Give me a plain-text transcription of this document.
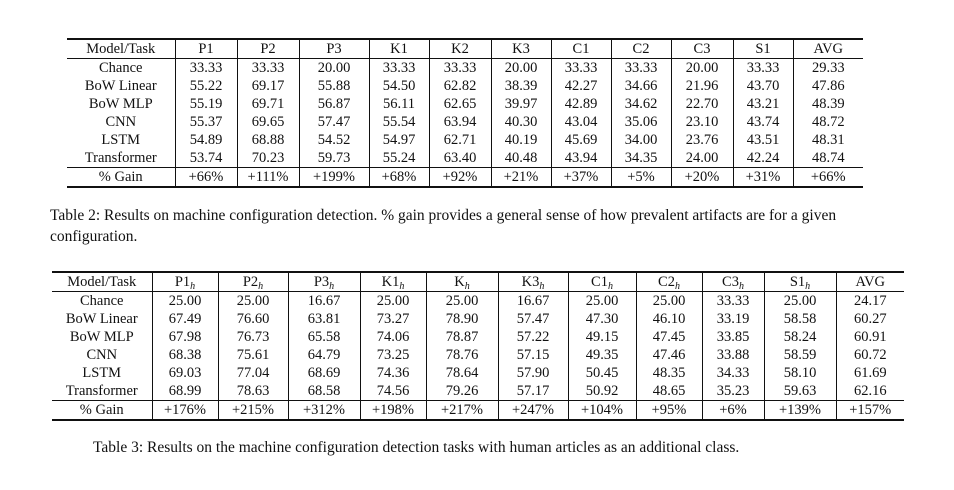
Model/Task	P1	P2	P3	K1	K2	K3	C1	C2	C3	S1	AVG
Chance	33.33	33.33	20.00	33.33	33.33	20.00	33.33	33.33	20.00	33.33	29.33
BoW Linear	55.22	69.17	55.88	54.50	62.82	38.39	42.27	34.66	21.96	43.70	47.86
BoW MLP	55.19	69.71	56.87	56.11	62.65	39.97	42.89	34.62	22.70	43.21	48.39
CNN	55.37	69.65	57.47	55.54	63.94	40.30	43.04	35.06	23.10	43.74	48.72
LSTM	54.89	68.88	54.52	54.97	62.71	40.19	45.69	34.00	23.76	43.51	48.31
Transformer	53.74	70.23	59.73	55.24	63.40	40.48	43.94	34.35	24.00	42.24	48.74
% Gain	+66%	+111%	+199%	+68%	+92%	+21%	+37%	+5%	+20%	+31%	+66%

Table 2: Results on machine configuration detection. % gain provides a general sense of how prevalent artifacts are for a given configuration.

Model/Task	$P1_h$	$P2_h$	$P3_h$	$K1_h$	$K_h$	$K3_h$	$C1_h$	$C2_h$	$C3_h$	$S1_h$	AVG
Chance	25.00	25.00	16.67	25.00	25.00	16.67	25.00	25.00	33.33	25.00	24.17
BoW Linear	67.49	76.60	63.81	73.27	78.90	57.47	47.30	46.10	33.19	58.58	60.27
BoW MLP	67.98	76.73	65.58	74.06	78.87	57.22	49.15	47.45	33.85	58.24	60.91
CNN	68.38	75.61	64.79	73.25	78.76	57.15	49.35	47.46	33.88	58.59	60.72
LSTM	69.03	77.04	68.69	74.36	78.64	57.90	50.45	48.35	34.33	58.10	61.69
Transformer	68.99	78.63	68.58	74.56	79.26	57.17	50.92	48.65	35.23	59.63	62.16
% Gain	+176%	+215%	+312%	+198%	+217%	+247%	+104%	+95%	+6%	+139%	+157%

Table 3: Results on the machine configuration detection tasks with human articles as an additional class.
